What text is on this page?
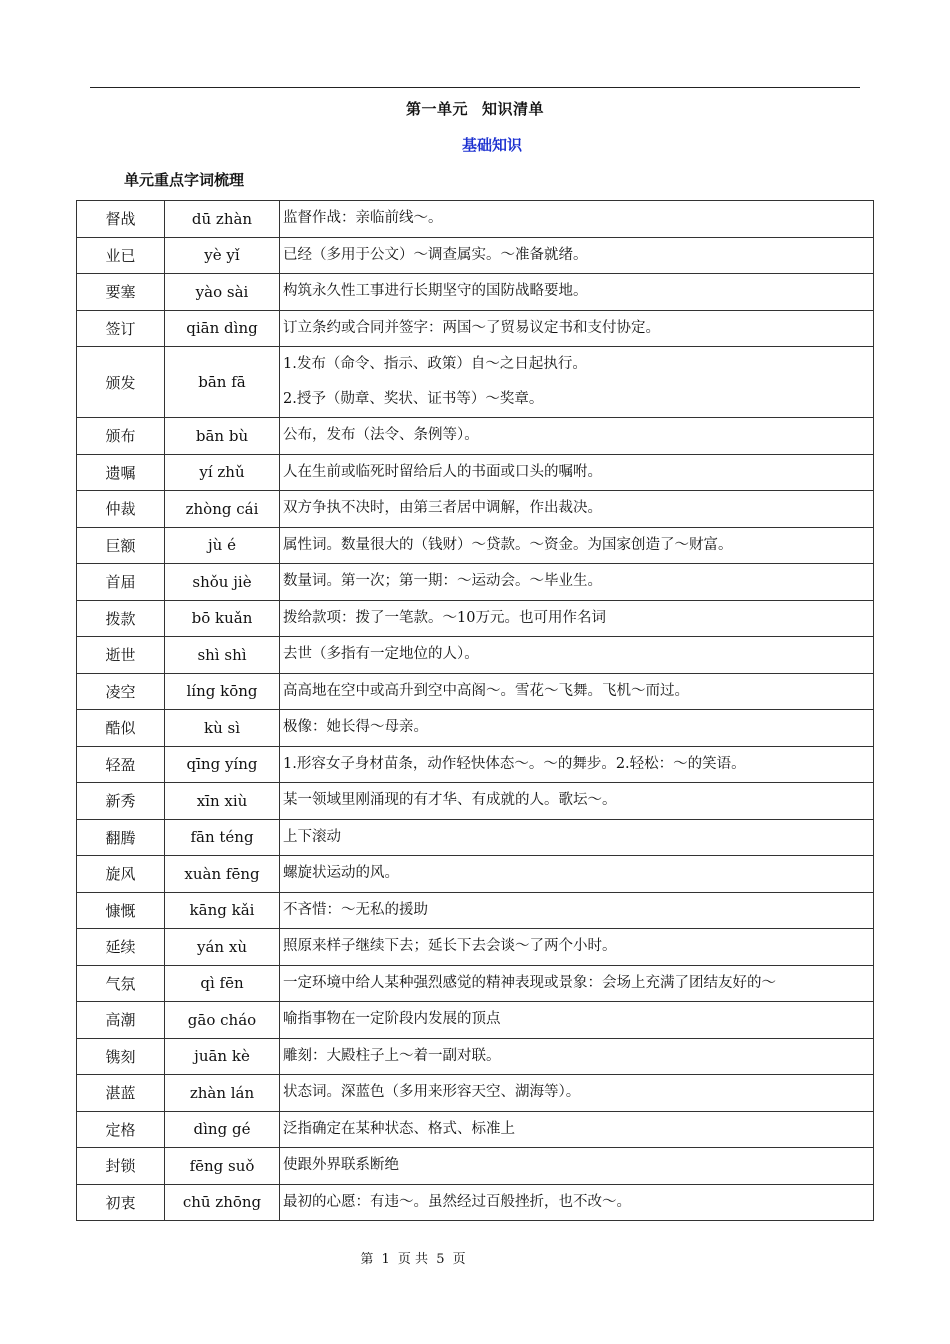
第一单元 知识清单
基础知识
单元重点字词梳理
督战	dū zhàn	监督作战：亲临前线～。

业已	yè yǐ	已经（多用于公文）～调查属实。～准备就绪。

要塞	yào sài	构筑永久性工事进行长期坚守的国防战略要地。

签订	qiān dìng	订立条约或合同并签字：两国～了贸易议定书和支付协定。

颁发	bān fā	1.发布（命令、指示、政策）自～之日起执行。
2.授予（勋章、奖状、证书等）～奖章。

颁布	bān bù	公布，发布（法令、条例等）。

遗嘱	yí zhǔ	人在生前或临死时留给后人的书面或口头的嘱咐。

仲裁	zhòng cái	双方争执不决时，由第三者居中调解，作出裁决。

巨额	jù é	属性词。数量很大的（钱财）～贷款。～资金。为国家创造了～财富。

首届	shǒu jiè	数量词。第一次；第一期：～运动会。～毕业生。

拨款	bō kuǎn	拨给款项：拨了一笔款。～10万元。也可用作名词

逝世	shì shì	去世（多指有一定地位的人）。

凌空	líng kōng	高高地在空中或高升到空中高阁～。雪花～飞舞。飞机～而过。

酷似	kù sì	极像：她长得～母亲。

轻盈	qīng yíng	1.形容女子身材苗条，动作轻快体态～。～的舞步。2.轻松：～的笑语。

新秀	xīn xiù	某一领域里刚涌现的有才华、有成就的人。歌坛～。

翻腾	fān téng	上下滚动

旋风	xuàn fēng	螺旋状运动的风。

慷慨	kāng kǎi	不吝惜：～无私的援助

延续	yán xù	照原来样子继续下去；延长下去会谈～了两个小时。

气氛	qì fēn	一定环境中给人某种强烈感觉的精神表现或景象：会场上充满了团结友好的～

高潮	gāo cháo	喻指事物在一定阶段内发展的顶点

镌刻	juān kè	雕刻：大殿柱子上～着一副对联。

湛蓝	zhàn lán	状态词。深蓝色（多用来形容天空、湖海等）。

定格	dìng gé	泛指确定在某种状态、格式、标准上

封锁	fēng suǒ	使跟外界联系断绝

初衷	chū zhōng	最初的心愿：有违～。虽然经过百般挫折，也不改～。
第 1 页 共 5 页
